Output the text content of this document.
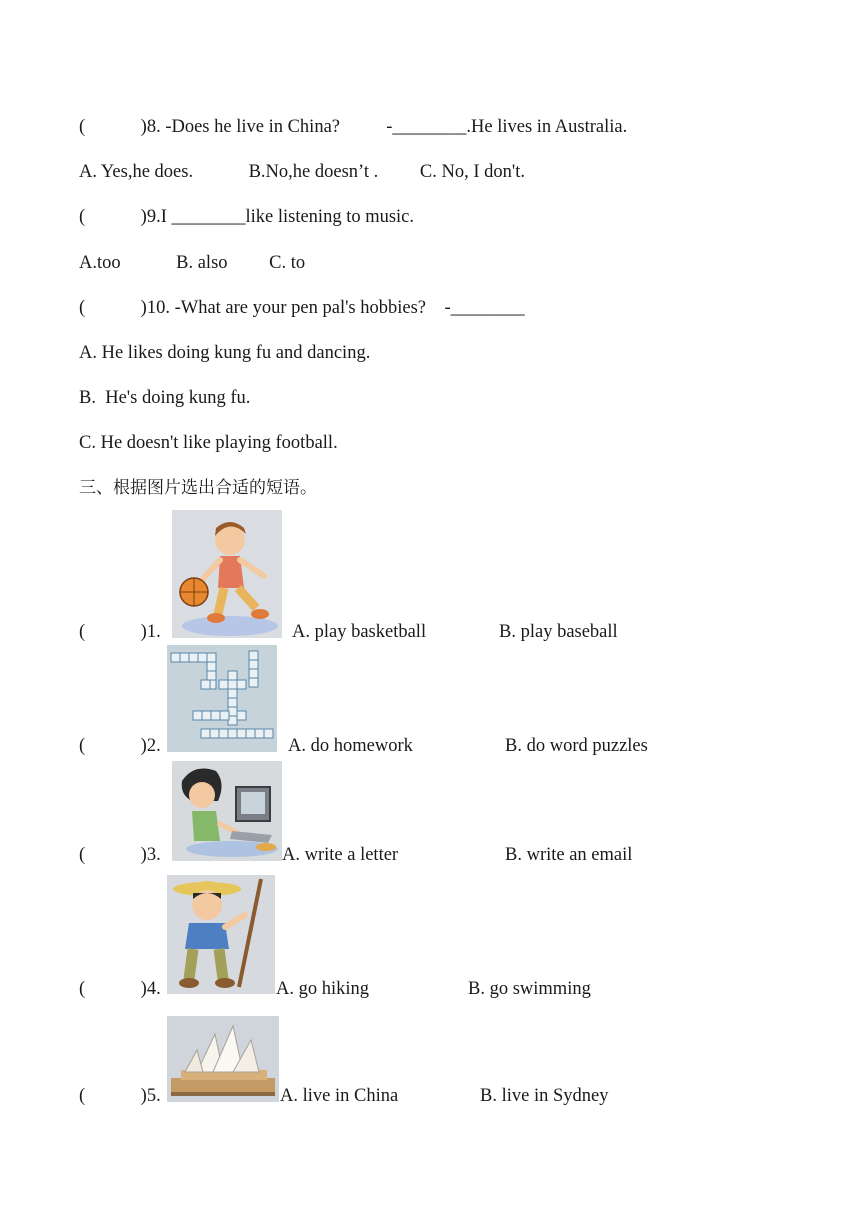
(            )8. -Does he live in China?          -________.He lives in Australia.
A. Yes,he does.            B.No,he doesn’t .         C. No, I don't.
(            )9.I ________like listening to music.
A.too            B. also         C. to
(            )10. -What are your pen pal's hobbies?    -________
A. He likes doing kung fu and dancing.
B.  He's doing kung fu.
C. He doesn't like playing football.
三、根据图片选出合适的短语。
(            )1.	A. play basketball	B. play baseball
(            )2.	A. do homework	B. do word puzzles
(            )3.	A. write a letter	B. write an email
(            )4.	A. go hiking	B. go swimming
(            )5.	A. live in China	B. live in Sydney
